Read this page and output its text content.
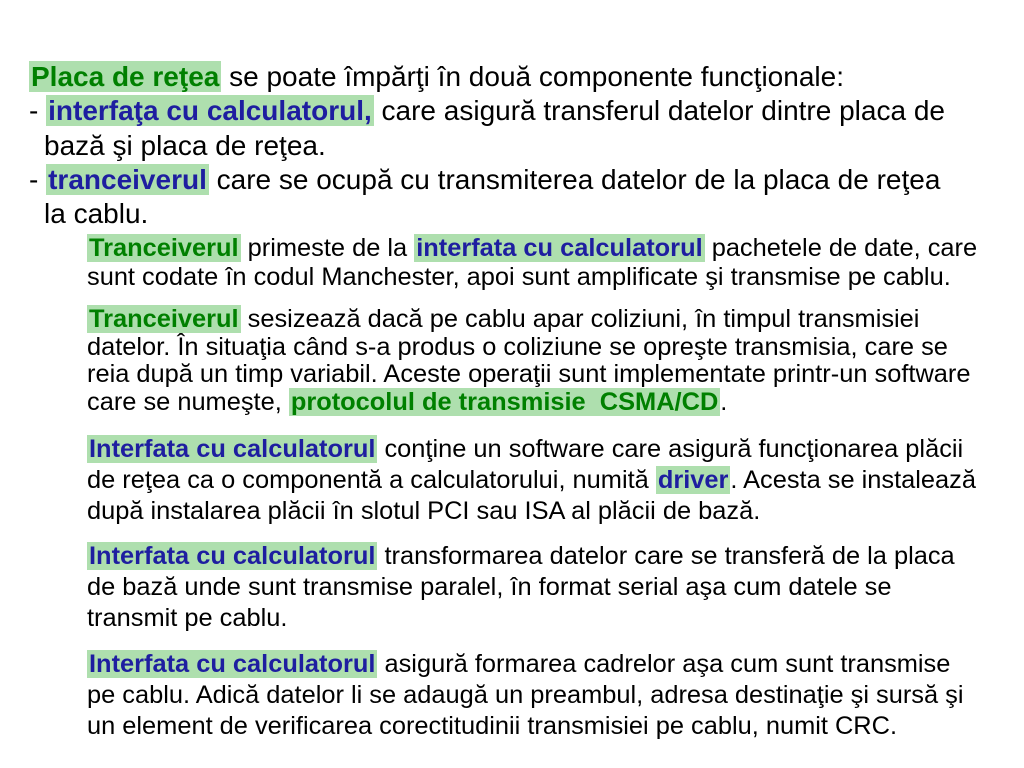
Placa de reţea se poate împărţi în două componente funcţionale:
- interfaţa cu calculatorul, care asigură transferul datelor dintre placa de
bază şi placa de reţea.
- tranceiverul care se ocupă cu transmiterea datelor de la placa de reţea
la cablu.
Tranceiverul primeste de la interfata cu calculatorul pachetele de date, care
sunt codate în codul Manchester, apoi sunt amplificate şi transmise pe cablu.
Tranceiverul sesizează dacă pe cablu apar coliziuni, în timpul transmisiei
datelor. În situaţia când s-a produs o coliziune se opreşte transmisia, care se
reia după un timp variabil. Aceste operaţii sunt implementate printr-un software
care se numeşte, protocolul de transmisie  CSMA/CD.
Interfata cu calculatorul conţine un software care asigură funcţionarea plăcii
de reţea ca o componentă a calculatorului, numită driver. Acesta se instalează
după instalarea plăcii în slotul PCI sau ISA al plăcii de bază.
Interfata cu calculatorul transformarea datelor care se transferă de la placa
de bază unde sunt transmise paralel, în format serial aşa cum datele se
transmit pe cablu.
Interfata cu calculatorul asigură formarea cadrelor aşa cum sunt transmise
pe cablu. Adică datelor li se adaugă un preambul, adresa destinaţie şi sursă şi
un element de verificarea corectitudinii transmisiei pe cablu, numit CRC.
